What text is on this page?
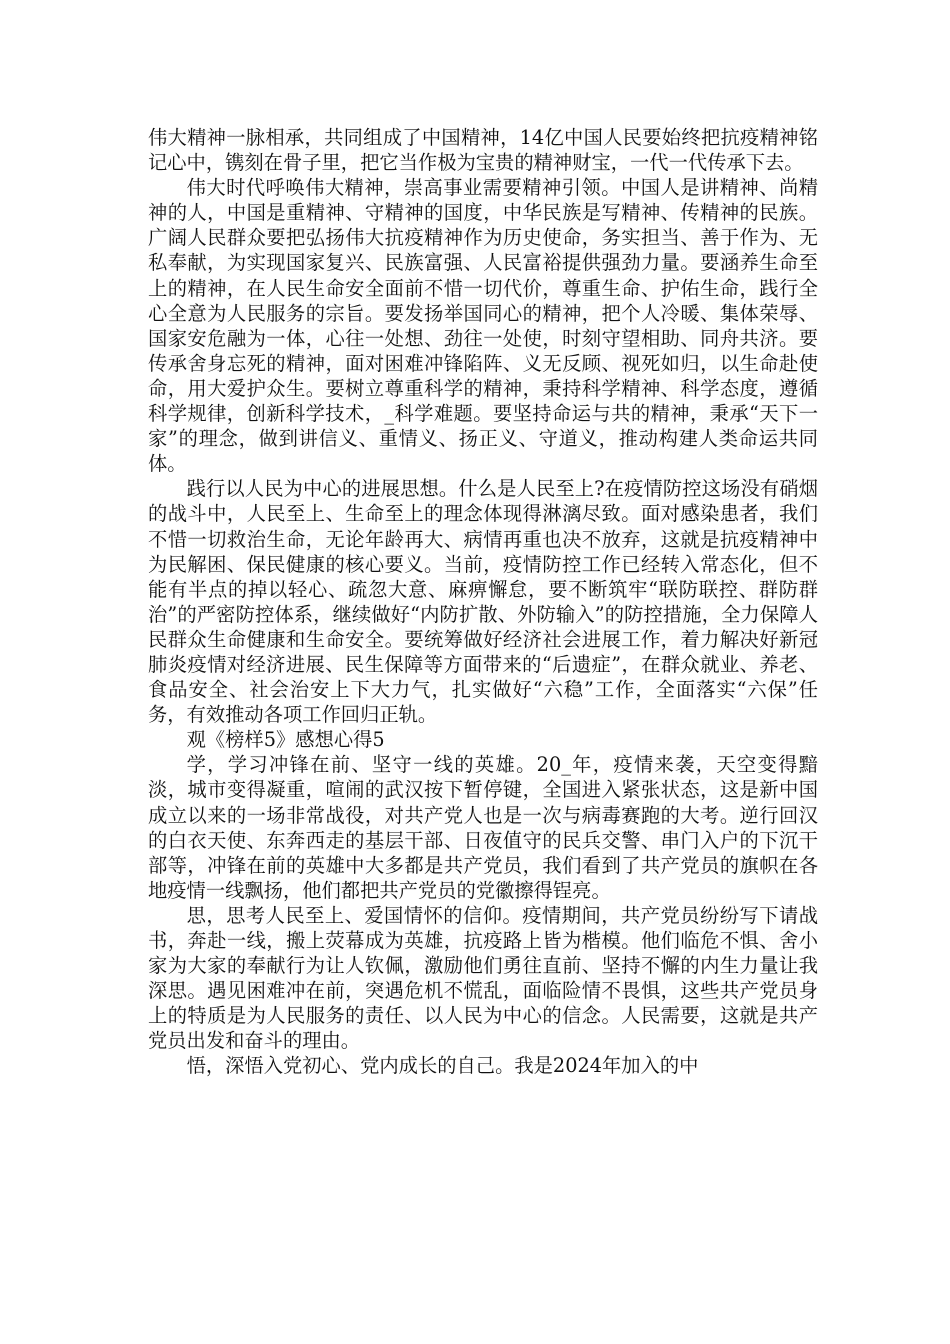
伟大精神一脉相承，共同组成了中国精神，14亿中国人民要始终把抗疫精神铭记心中，镌刻在骨子里，把它当作极为宝贵的精神财宝，一代一代传承下去。

伟大时代呼唤伟大精神，崇高事业需要精神引领。中国人是讲精神、尚精神的人，中国是重精神、守精神的国度，中华民族是写精神、传精神的民族。广阔人民群众要把弘扬伟大抗疫精神作为历史使命，务实担当、善于作为、无私奉献，为实现国家复兴、民族富强、人民富裕提供强劲力量。要涵养生命至上的精神，在人民生命安全面前不惜一切代价，尊重生命、护佑生命，践行全心全意为人民服务的宗旨。要发扬举国同心的精神，把个人冷暖、集体荣辱、国家安危融为一体，心往一处想、劲往一处使，时刻守望相助、同舟共济。要传承舍身忘死的精神，面对困难冲锋陷阵、义无反顾、视死如归，以生命赴使命，用大爱护众生。要树立尊重科学的精神，秉持科学精神、科学态度，遵循科学规律，创新科学技术，_科学难题。要坚持命运与共的精神，秉承“天下一家”的理念，做到讲信义、重情义、扬正义、守道义，推动构建人类命运共同体。

践行以人民为中心的进展思想。什么是人民至上?在疫情防控这场没有硝烟的战斗中，人民至上、生命至上的理念体现得淋漓尽致。面对感染患者，我们不惜一切救治生命，无论年龄再大、病情再重也决不放弃，这就是抗疫精神中为民解困、保民健康的核心要义。当前，疫情防控工作已经转入常态化，但不能有半点的掉以轻心、疏忽大意、麻痹懈怠，要不断筑牢“联防联控、群防群治”的严密防控体系，继续做好“内防扩散、外防输入”的防控措施，全力保障人民群众生命健康和生命安全。要统筹做好经济社会进展工作，着力解决好新冠肺炎疫情对经济进展、民生保障等方面带来的“后遗症”，在群众就业、养老、食品安全、社会治安上下大力气，扎实做好“六稳”工作，全面落实“六保”任务，有效推动各项工作回归正轨。

观《榜样5》感想心得5

学，学习冲锋在前、坚守一线的英雄。20_年，疫情来袭，天空变得黯淡，城市变得凝重，喧闹的武汉按下暂停键，全国进入紧张状态，这是新中国成立以来的一场非常战役，对共产党人也是一次与病毒赛跑的大考。逆行回汉的白衣天使、东奔西走的基层干部、日夜值守的民兵交警、串门入户的下沉干部等，冲锋在前的英雄中大多都是共产党员，我们看到了共产党员的旗帜在各地疫情一线飘扬，他们都把共产党员的党徽擦得锃亮。

思，思考人民至上、爱国情怀的信仰。疫情期间，共产党员纷纷写下请战书，奔赴一线，搬上荧幕成为英雄，抗疫路上皆为楷模。他们临危不惧、舍小家为大家的奉献行为让人钦佩，激励他们勇往直前、坚持不懈的内生力量让我深思。遇见困难冲在前，突遇危机不慌乱，面临险情不畏惧，这些共产党员身上的特质是为人民服务的责任、以人民为中心的信念。人民需要，这就是共产党员出发和奋斗的理由。

悟，深悟入党初心、党内成长的自己。我是2024年加入的中
